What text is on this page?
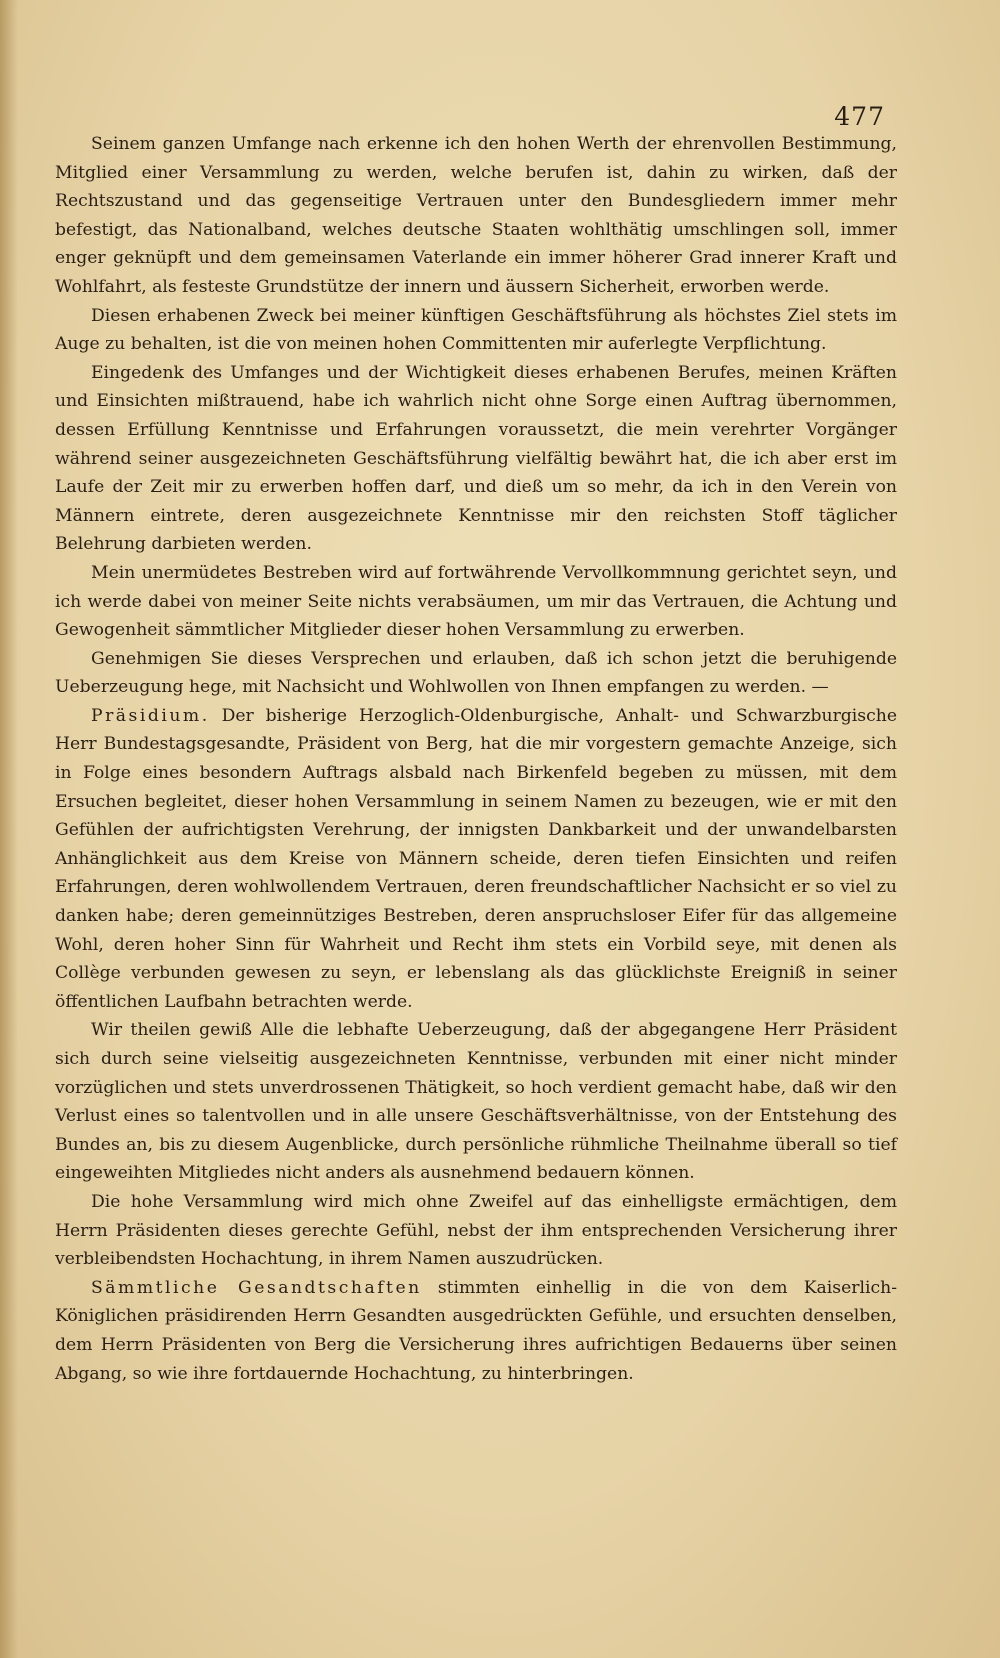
477

Seinem ganzen Umfange nach erkenne ich den hohen Werth der ehrenvollen Bestimmung, Mitglied einer Versammlung zu werden, welche berufen ist, dahin zu wirken, daß der Rechtszustand und das gegenseitige Vertrauen unter den Bundesgliedern immer mehr befestigt, das Nationalband, welches deutsche Staaten wohlthätig umschlingen soll, immer enger geknüpft und dem gemeinsamen Vaterlande ein immer höherer Grad innerer Kraft und Wohlfahrt, als festeste Grundstütze der innern und äussern Sicherheit, erworben werde.

Diesen erhabenen Zweck bei meiner künftigen Geschäftsführung als höchstes Ziel stets im Auge zu behalten, ist die von meinen hohen Committenten mir auferlegte Verpflichtung.

Eingedenk des Umfanges und der Wichtigkeit dieses erhabenen Berufes, meinen Kräften und Einsichten mißtrauend, habe ich wahrlich nicht ohne Sorge einen Auftrag übernommen, dessen Erfüllung Kenntnisse und Erfahrungen voraussetzt, die mein verehrter Vorgänger während seiner ausgezeichneten Geschäftsführung vielfältig bewährt hat, die ich aber erst im Laufe der Zeit mir zu erwerben hoffen darf, und dieß um so mehr, da ich in den Verein von Männern eintrete, deren ausgezeichnete Kenntnisse mir den reichsten Stoff täglicher Belehrung darbieten werden.

Mein unermüdetes Bestreben wird auf fortwährende Vervollkommnung gerichtet seyn, und ich werde dabei von meiner Seite nichts verabsäumen, um mir das Vertrauen, die Achtung und Gewogenheit sämmtlicher Mitglieder dieser hohen Versammlung zu erwerben.

Genehmigen Sie dieses Versprechen und erlauben, daß ich schon jetzt die beruhigende Ueberzeugung hege, mit Nachsicht und Wohlwollen von Ihnen empfangen zu werden. —

Präsidium. Der bisherige Herzoglich-Oldenburgische, Anhalt- und Schwarzburgische Herr Bundestagsgesandte, Präsident von Berg, hat die mir vorgestern gemachte Anzeige, sich in Folge eines besondern Auftrags alsbald nach Birkenfeld begeben zu müssen, mit dem Ersuchen begleitet, dieser hohen Versammlung in seinem Namen zu bezeugen, wie er mit den Gefühlen der aufrichtigsten Verehrung, der innigsten Dankbarkeit und der unwandelbarsten Anhänglichkeit aus dem Kreise von Männern scheide, deren tiefen Einsichten und reifen Erfahrungen, deren wohlwollendem Vertrauen, deren freundschaftlicher Nachsicht er so viel zu danken habe; deren gemeinnütziges Bestreben, deren anspruchsloser Eifer für das allgemeine Wohl, deren hoher Sinn für Wahrheit und Recht ihm stets ein Vorbild seye, mit denen als Collège verbunden gewesen zu seyn, er lebenslang als das glücklichste Ereigniß in seiner öffentlichen Laufbahn betrachten werde.

Wir theilen gewiß Alle die lebhafte Ueberzeugung, daß der abgegangene Herr Präsident sich durch seine vielseitig ausgezeichneten Kenntnisse, verbunden mit einer nicht minder vorzüglichen und stets unverdrossenen Thätigkeit, so hoch verdient gemacht habe, daß wir den Verlust eines so talentvollen und in alle unsere Geschäftsverhältnisse, von der Entstehung des Bundes an, bis zu diesem Augenblicke, durch persönliche rühmliche Theilnahme überall so tief eingeweihten Mitgliedes nicht anders als ausnehmend bedauern können.

Die hohe Versammlung wird mich ohne Zweifel auf das einhelligste ermächtigen, dem Herrn Präsidenten dieses gerechte Gefühl, nebst der ihm entsprechenden Versicherung ihrer verbleibendsten Hochachtung, in ihrem Namen auszudrücken.

Sämmtliche Gesandtschaften stimmten einhellig in die von dem Kaiserlich-Königlichen präsidirenden Herrn Gesandten ausgedrückten Gefühle, und ersuchten denselben, dem Herrn Präsidenten von Berg die Versicherung ihres aufrichtigen Bedauerns über seinen Abgang, so wie ihre fortdauernde Hochachtung, zu hinterbringen.
